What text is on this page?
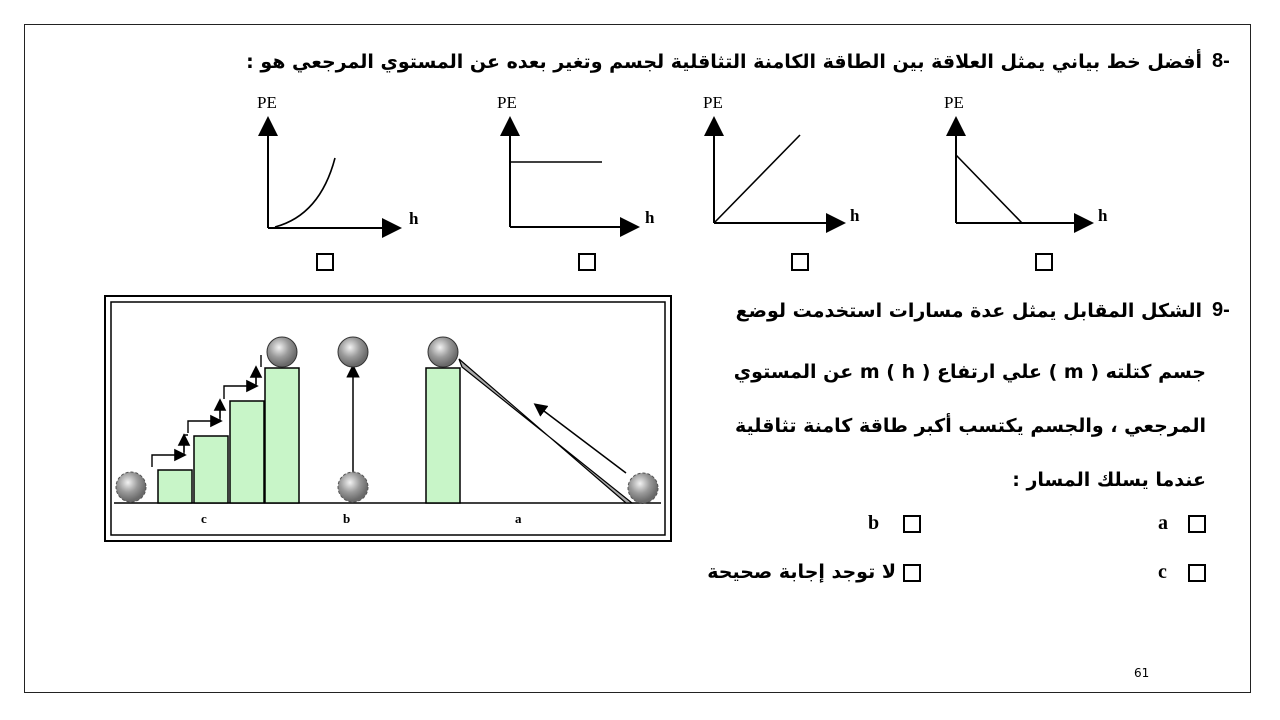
8-
أفضل خط بياني يمثل العلاقة بين الطاقة الكامنة التثاقلية لجسم وتغير بعده عن المستوي المرجعي هو :
PE
h
PE
h
PE
h
PE
h
c	b	a
9-
الشكل المقابل يمثل عدة مسارات استخدمت لوضع
جسم كتلته ( m ) علي ارتفاع m ( h ) عن المستوي
المرجعي ، والجسم يكتسب أكبر طاقة كامنة تثاقلية
عندما يسلك المسار :
a
b
c
لا توجد إجابة صحيحة
61
